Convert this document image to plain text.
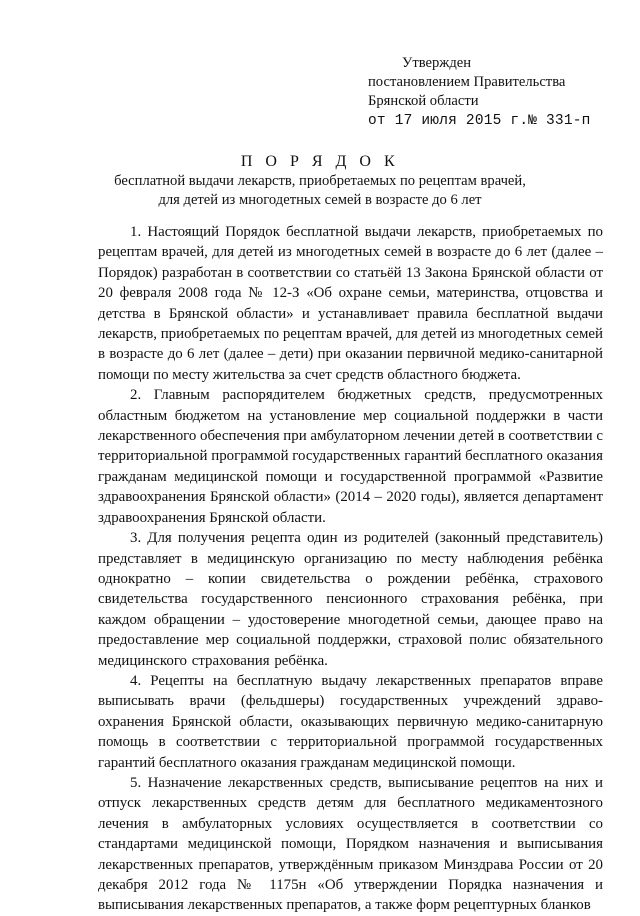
Утвержден
постановлением Правительства
Брянской области
от 17 июля 2015 г.№ 331-п
П О Р Я Д О К
бесплатной выдачи лекарств, приобретаемых по рецептам врачей,
для детей из многодетных семей в возрасте до 6 лет

1. Настоящий Порядок бесплатной выдачи лекарств, приобретаемых по рецептам врачей, для детей из многодетных семей в возрасте до 6 лет (далее – Порядок) разработан в соответствии со статьёй 13 Закона Брянской области от 20 февраля 2008 года № 12-З «Об охране семьи, материнства, отцовства и детства в Брянской области» и устанавливает правила бесплатной выдачи лекарств, приобретаемых по рецептам врачей, для детей из многодетных семей в возрасте до 6 лет (далее – дети) при оказании первичной медико-санитарной помощи по месту жительства за счет средств областного бюджета.

2. Главным распорядителем бюджетных средств, предусмотренных областным бюджетом на установление мер социальной поддержки в части лекарственного обеспечения при амбулаторном лечении детей в соответствии с территориальной программой государственных гарантий бесплатного оказания гражданам медицинской помощи и государственной программой «Развитие здравоохранения Брянской области» (2014 – 2020 годы), является департамент здравоохранения Брянской области.

3. Для получения рецепта один из родителей (законный представитель) представляет в медицинскую организацию по месту наблюдения ребёнка однократно – копии свидетельства о рождении ребёнка, страхового свидетельства государственного пенсионного страхования ребёнка, при каждом обращении – удостоверение многодетной семьи, дающее право на предоставление мер социальной поддержки, страховой полис обязательного медицинского страхования ребёнка.

4. Рецепты на бесплатную выдачу лекарственных препаратов вправе выписывать врачи (фельдшеры) государственных учреждений здравоохранения Брянской области, оказывающих первичную медико-санитарную помощь в соответствии с территориальной программой государственных гарантий бесплатного оказания гражданам медицинской помощи.

5. Назначение лекарственных средств, выписывание рецептов на них и отпуск лекарственных средств детям для бесплатного медикаментозного лечения в амбулаторных условиях осуществляется в соответствии со стандартами медицинской помощи, Порядком назначения и выписывания лекарственных препаратов, утверждённым приказом Минздрава России от 20 декабря 2012 года № 1175н «Об утверждении Порядка назначения и выписывания лекарственных препаратов, а также форм рецептурных бланков
